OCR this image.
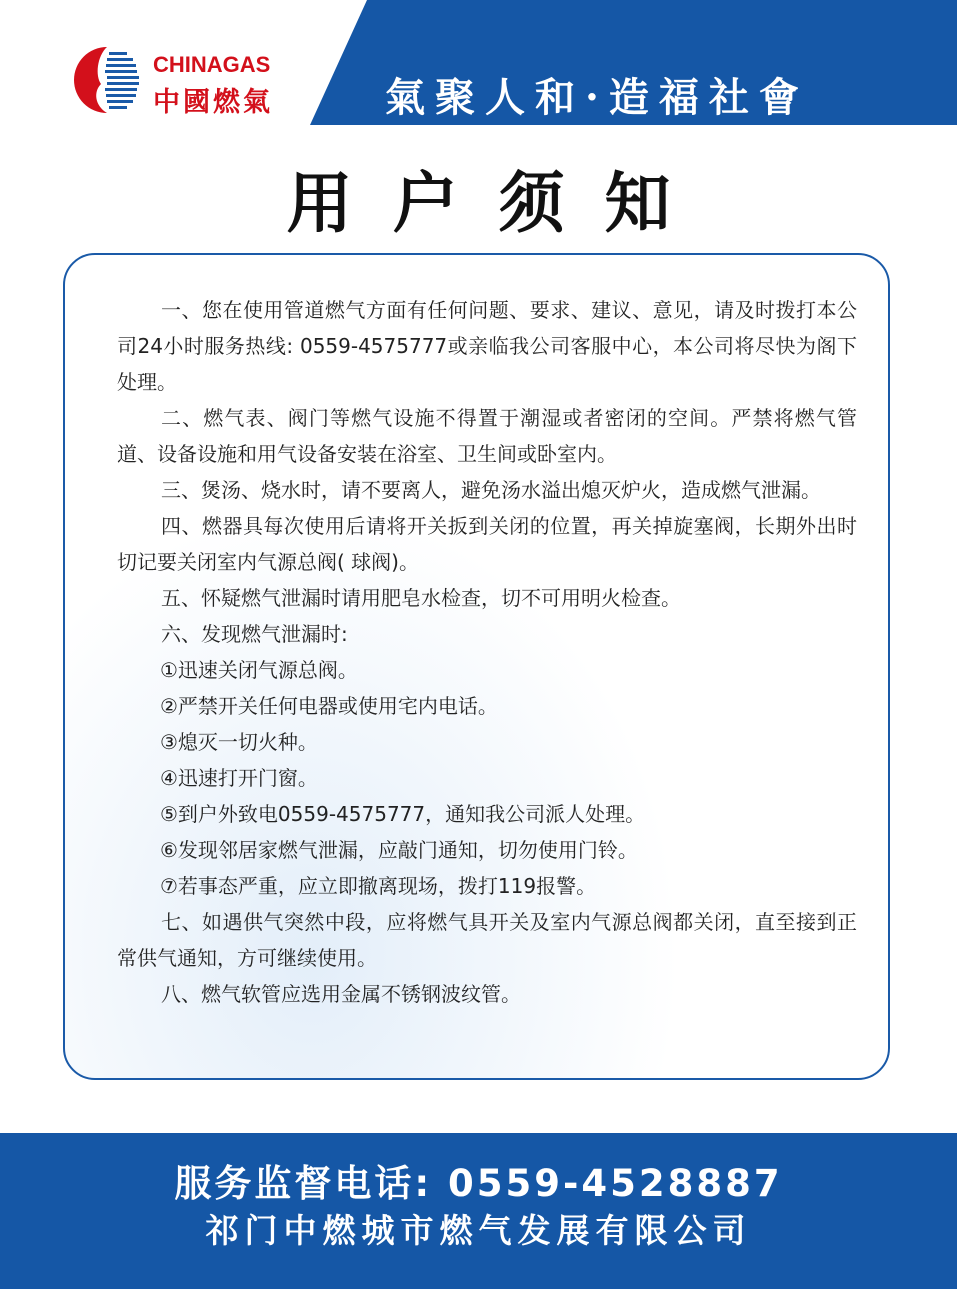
氣聚人和·造福社會
CHINAGAS
中國燃氣
用户须知

一、您在使用管道燃气方面有任何问题、要求、建议、意见，请及时拨打本公司24小时服务热线: 0559-4575777或亲临我公司客服中心，本公司将尽快为阁下处理。

二、燃气表、阀门等燃气设施不得置于潮湿或者密闭的空间。严禁将燃气管道、设备设施和用气设备安装在浴室、卫生间或卧室内。

三、煲汤、烧水时，请不要离人，避免汤水溢出熄灭炉火，造成燃气泄漏。

四、燃器具每次使用后请将开关扳到关闭的位置，再关掉旋塞阀，长期外出时切记要关闭室内气源总阀( 球阀)。

五、怀疑燃气泄漏时请用肥皂水检查，切不可用明火检查。

六、发现燃气泄漏时:

①迅速关闭气源总阀。

②严禁开关任何电器或使用宅内电话。

③熄灭一切火种。

④迅速打开门窗。

⑤到户外致电0559-4575777，通知我公司派人处理。

⑥发现邻居家燃气泄漏，应敲门通知，切勿使用门铃。

⑦若事态严重，应立即撤离现场，拨打119报警。

七、如遇供气突然中段，应将燃气具开关及室内气源总阀都关闭，直至接到正常供气通知，方可继续使用。

八、燃气软管应选用金属不锈钢波纹管。

服务监督电话: 0559-4528887
祁门中燃城市燃气发展有限公司
